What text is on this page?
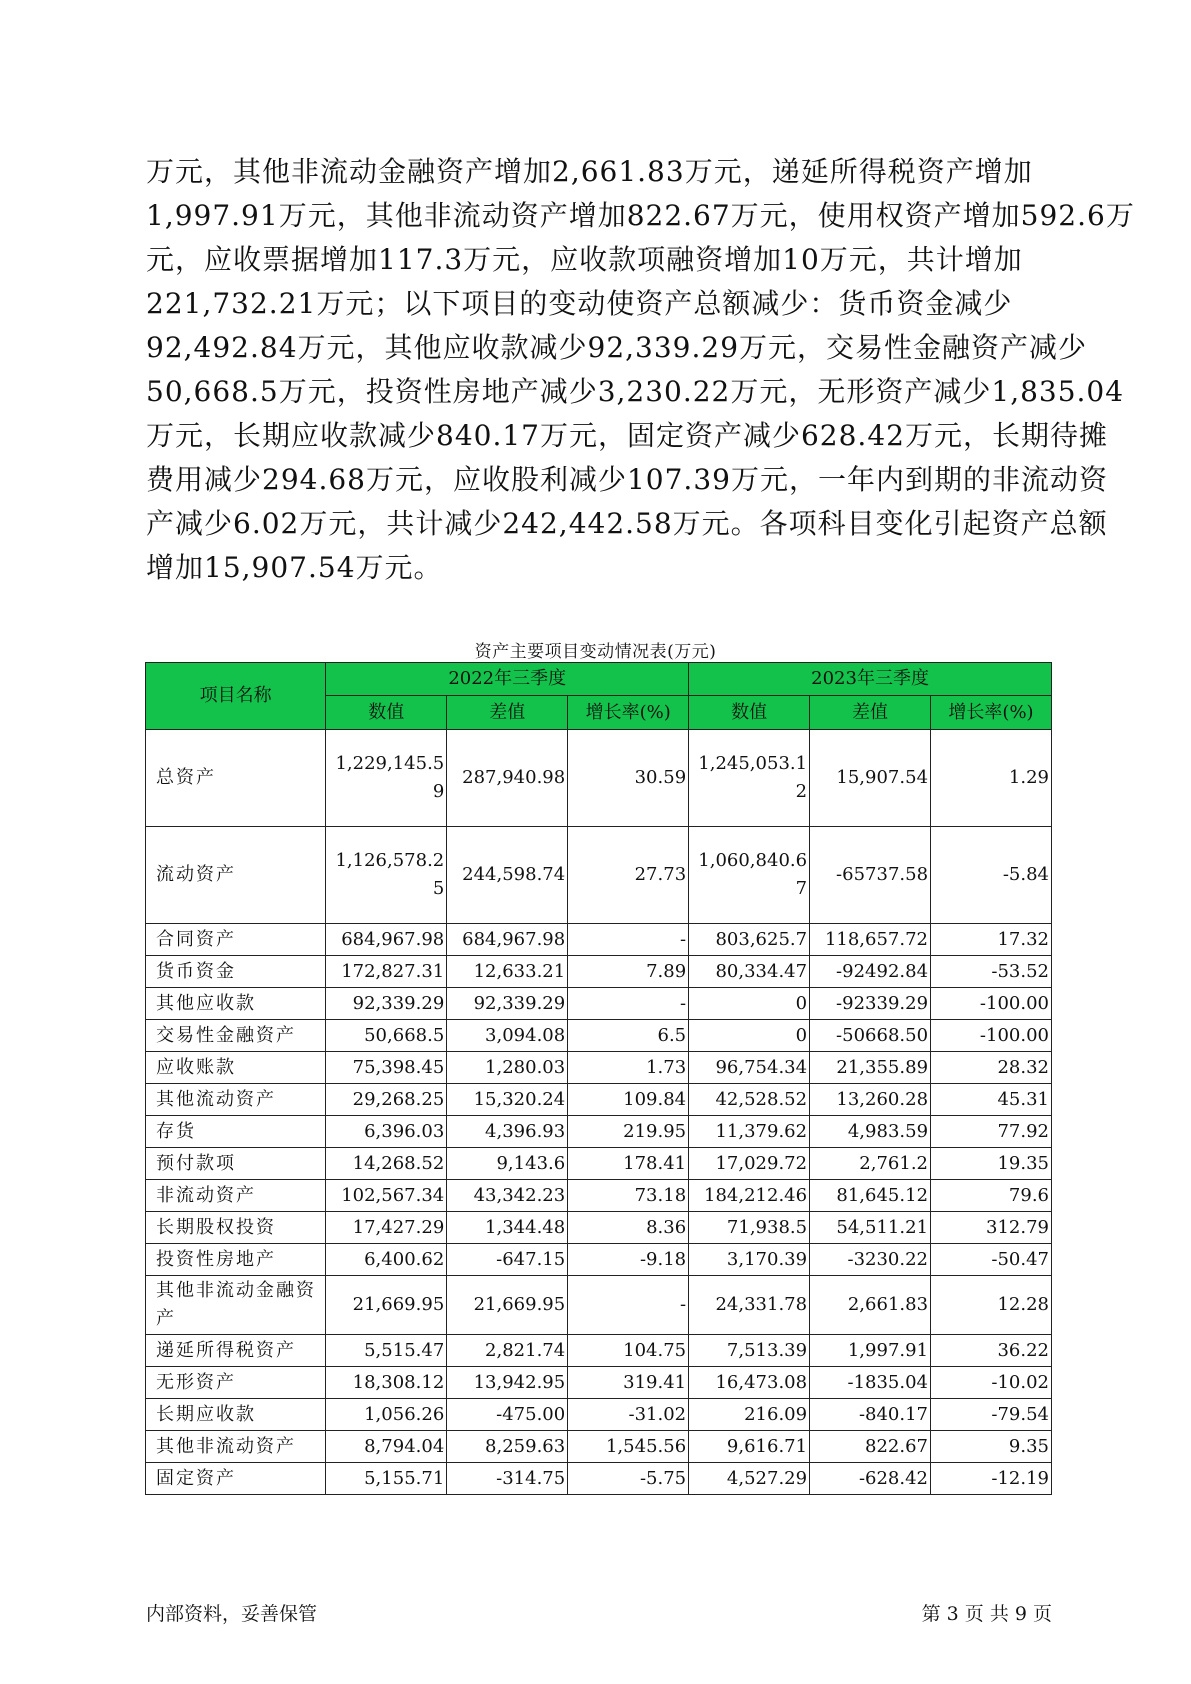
万元，其他非流动金融资产增加2,661.83万元，递延所得税资产增加
1,997.91万元，其他非流动资产增加822.67万元，使用权资产增加592.6万
元，应收票据增加117.3万元，应收款项融资增加10万元，共计增加
221,732.21万元；以下项目的变动使资产总额减少：货币资金减少
92,492.84万元，其他应收款减少92,339.29万元，交易性金融资产减少
50,668.5万元，投资性房地产减少3,230.22万元，无形资产减少1,835.04
万元，长期应收款减少840.17万元，固定资产减少628.42万元，长期待摊
费用减少294.68万元，应收股利减少107.39万元，一年内到期的非流动资
产减少6.02万元，共计减少242,442.58万元。各项科目变化引起资产总额
增加15,907.54万元。
资产主要项目变动情况表(万元)
项目名称	2022年三季度			2023年三季度		
	数值	差值	增长率(%)	数值	差值	增长率(%)
总资产	1,229,145.59	287,940.98	30.59	1,245,053.12	15,907.54	1.29
流动资产	1,126,578.25	244,598.74	27.73	1,060,840.67	-65737.58	-5.84
合同资产	684,967.98	684,967.98	-	803,625.7	118,657.72	17.32
货币资金	172,827.31	12,633.21	7.89	80,334.47	-92492.84	-53.52
其他应收款	92,339.29	92,339.29	-	0	-92339.29	-100.00
交易性金融资产	50,668.5	3,094.08	6.5	0	-50668.50	-100.00
应收账款	75,398.45	1,280.03	1.73	96,754.34	21,355.89	28.32
其他流动资产	29,268.25	15,320.24	109.84	42,528.52	13,260.28	45.31
存货	6,396.03	4,396.93	219.95	11,379.62	4,983.59	77.92
预付款项	14,268.52	9,143.6	178.41	17,029.72	2,761.2	19.35
非流动资产	102,567.34	43,342.23	73.18	184,212.46	81,645.12	79.6
长期股权投资	17,427.29	1,344.48	8.36	71,938.5	54,511.21	312.79
投资性房地产	6,400.62	-647.15	-9.18	3,170.39	-3230.22	-50.47
其他非流动金融资产	21,669.95	21,669.95	-	24,331.78	2,661.83	12.28
递延所得税资产	5,515.47	2,821.74	104.75	7,513.39	1,997.91	36.22
无形资产	18,308.12	13,942.95	319.41	16,473.08	-1835.04	-10.02
长期应收款	1,056.26	-475.00	-31.02	216.09	-840.17	-79.54
其他非流动资产	8,794.04	8,259.63	1,545.56	9,616.71	822.67	9.35
固定资产	5,155.71	-314.75	-5.75	4,527.29	-628.42	-12.19
内部资料，妥善保管	第 3 页 共 9 页
